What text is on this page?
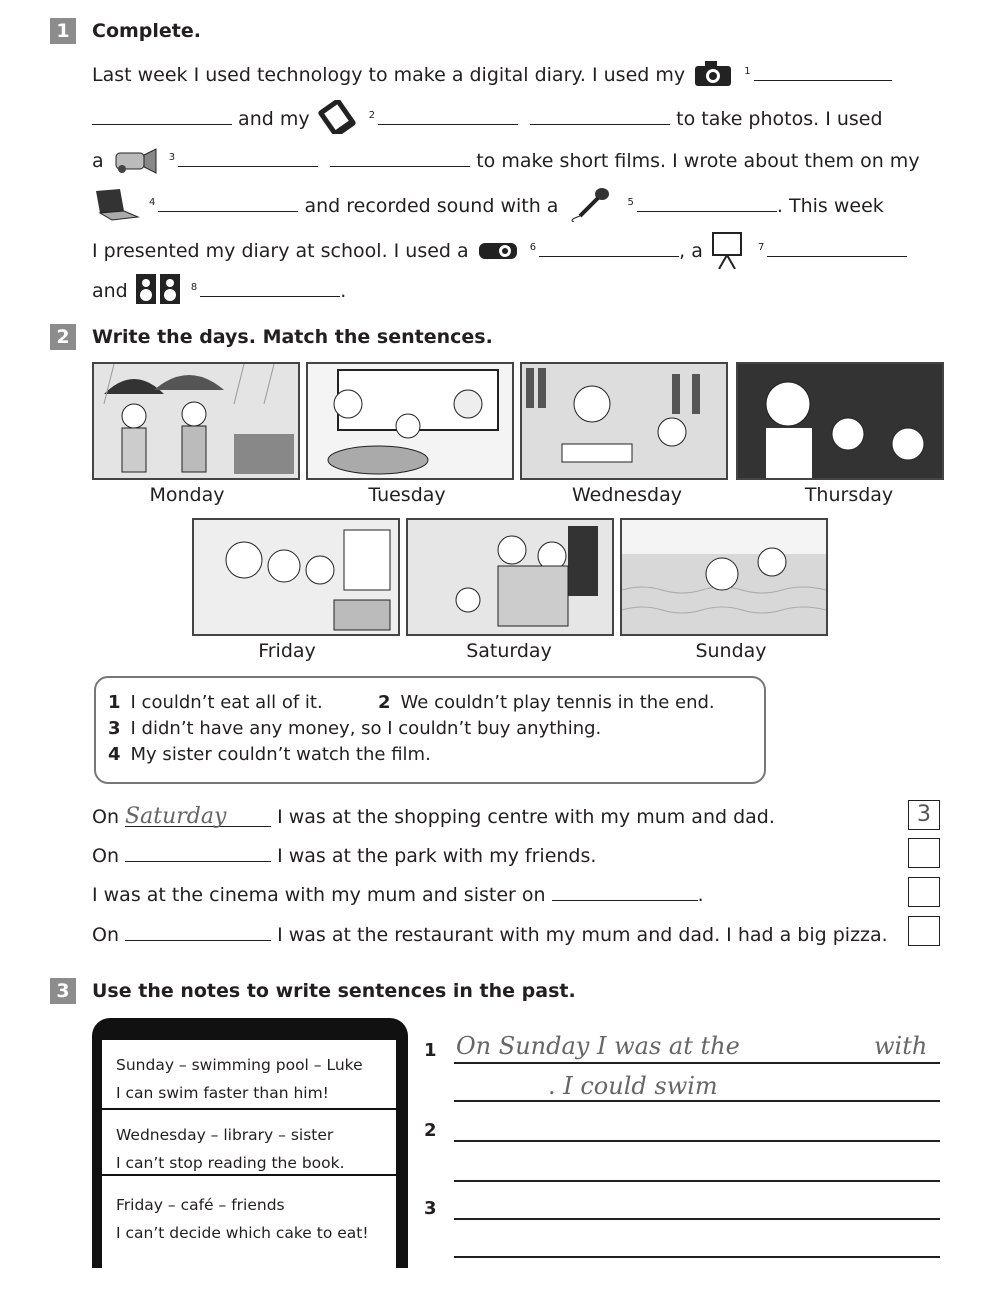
1	Complete.
Last week I used technology to make a digital diary. I used my	$^1$
and my	$^2$	to take photos. I used
a	$^3$	to make short films. I wrote about them on my
$^4$	and recorded sound with a	$^5$	. This week
I presented my diary at school. I used a	$^6$	, a	$^7$
and	$^8$	.
2	Write the days. Match the sentences.
Monday	Tuesday	Wednesday	Thursday
Friday	Saturday	Sunday
1 I couldn’t eat all of it.	2 We couldn’t play tennis in the end.
3 I didn’t have any money, so I couldn’t buy anything.
4 My sister couldn’t watch the film.
On Saturday	I was at the shopping centre with my mum and dad.	3
On	I was at the park with my friends.
I was at the cinema with my mum and sister on	.
On	I was at the restaurant with my mum and dad. I had a big pizza.
3	Use the notes to write sentences in the past.
Sunday – swimming pool – Luke
I can swim faster than him!
Wednesday – library – sister
I can’t stop reading the book.
Friday – café – friends
I can’t decide which cake to eat!
1 On Sunday I was at the	with
. I could swim
2
3
